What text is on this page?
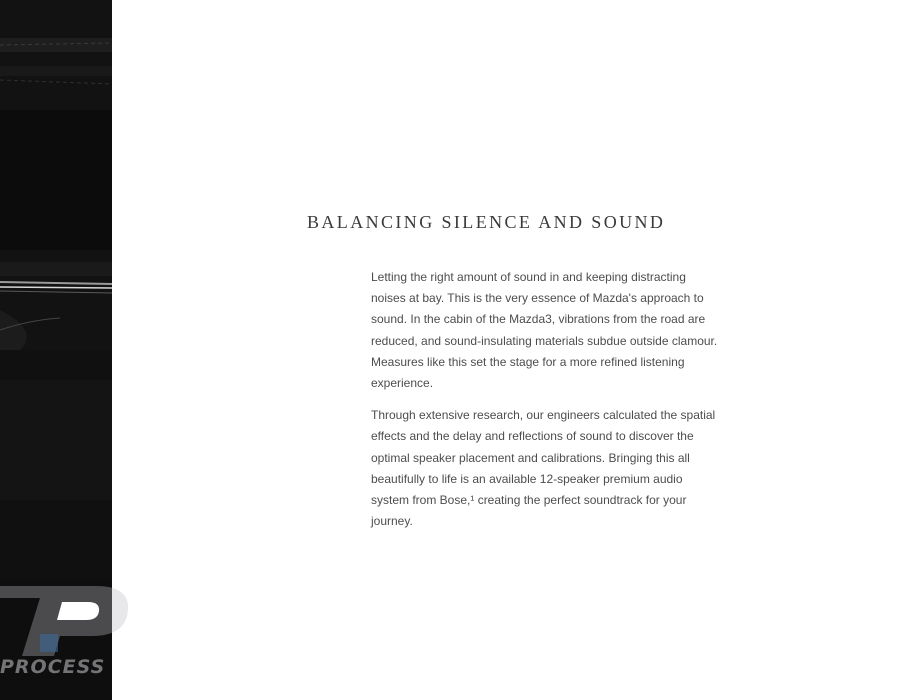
PROCESS
BALANCING SILENCE AND SOUND

Letting the right amount of sound in and keeping distracting noises at bay. This is the very essence of Mazda's approach to sound. In the cabin of the Mazda3, vibrations from the road are reduced, and sound-insulating materials subdue outside clamour. Measures like this set the stage for a more refined listening experience.

Through extensive research, our engineers calculated the spatial effects and the delay and reflections of sound to discover the optimal speaker placement and calibrations. Bringing this all beautifully to life is an available 12-speaker premium audio system from Bose,¹ creating the perfect soundtrack for your journey.
